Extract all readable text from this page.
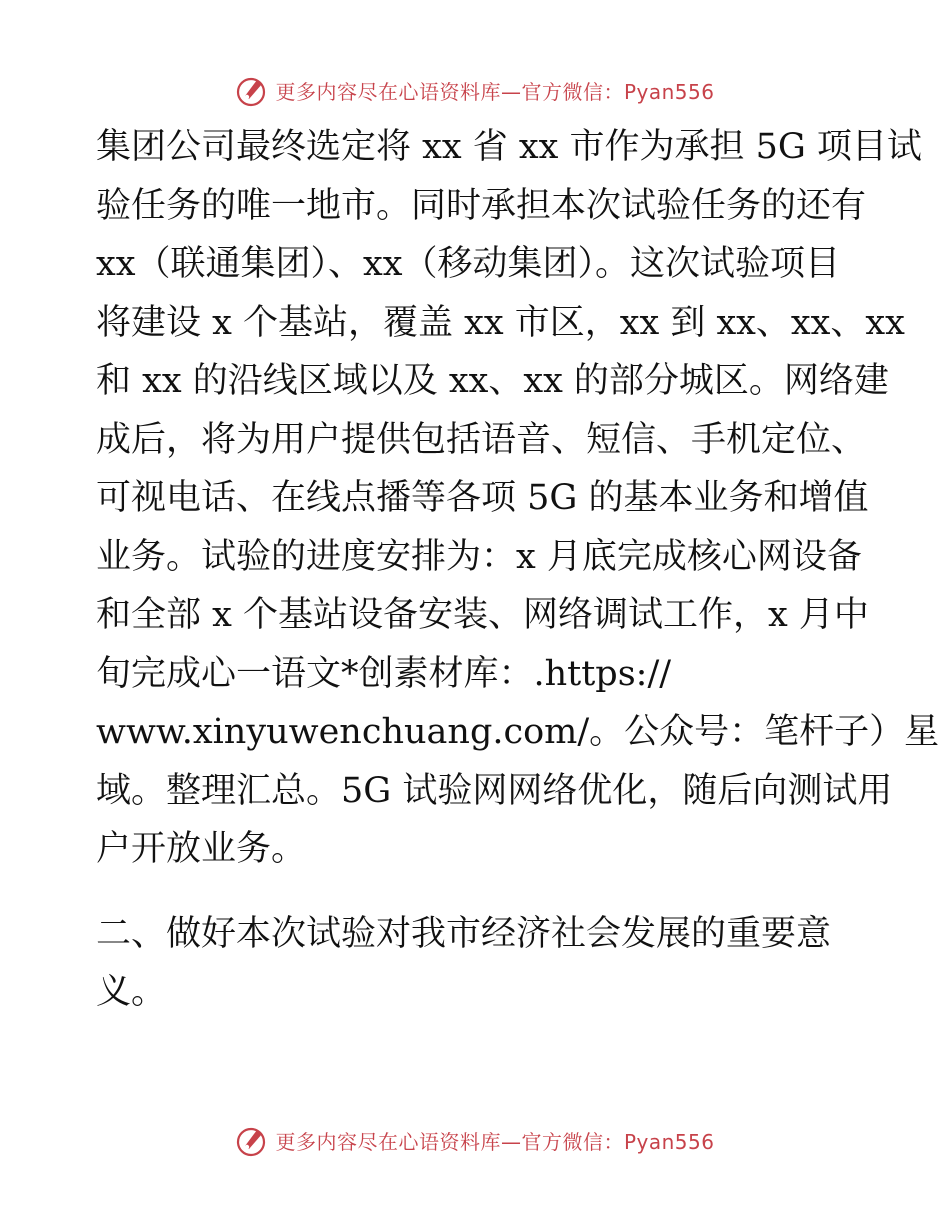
更多内容尽在心语资料库—官方微信：Pyan556

集团公司最终选定将 xx 省 xx 市作为承担 5G 项目试

验任务的唯一地市。同时承担本次试验任务的还有

xx（联通集团）、xx（移动集团）。这次试验项目

将建设 x 个基站，覆盖 xx 市区，xx 到 xx、xx、xx

和 xx 的沿线区域以及 xx、xx 的部分城区。网络建

成后，将为用户提供包括语音、短信、手机定位、

可视电话、在线点播等各项 5G 的基本业务和增值

业务。试验的进度安排为：x 月底完成核心网设备

和全部 x 个基站设备安装、网络调试工作，x 月中

旬完成心一语文*创素材库：.https://

www.xinyuwenchuang.com/。公众号：笔杆子）星

域。整理汇总。5G 试验网网络优化，随后向测试用

户开放业务。

二、做好本次试验对我市经济社会发展的重要意

义。

更多内容尽在心语资料库—官方微信：Pyan556
